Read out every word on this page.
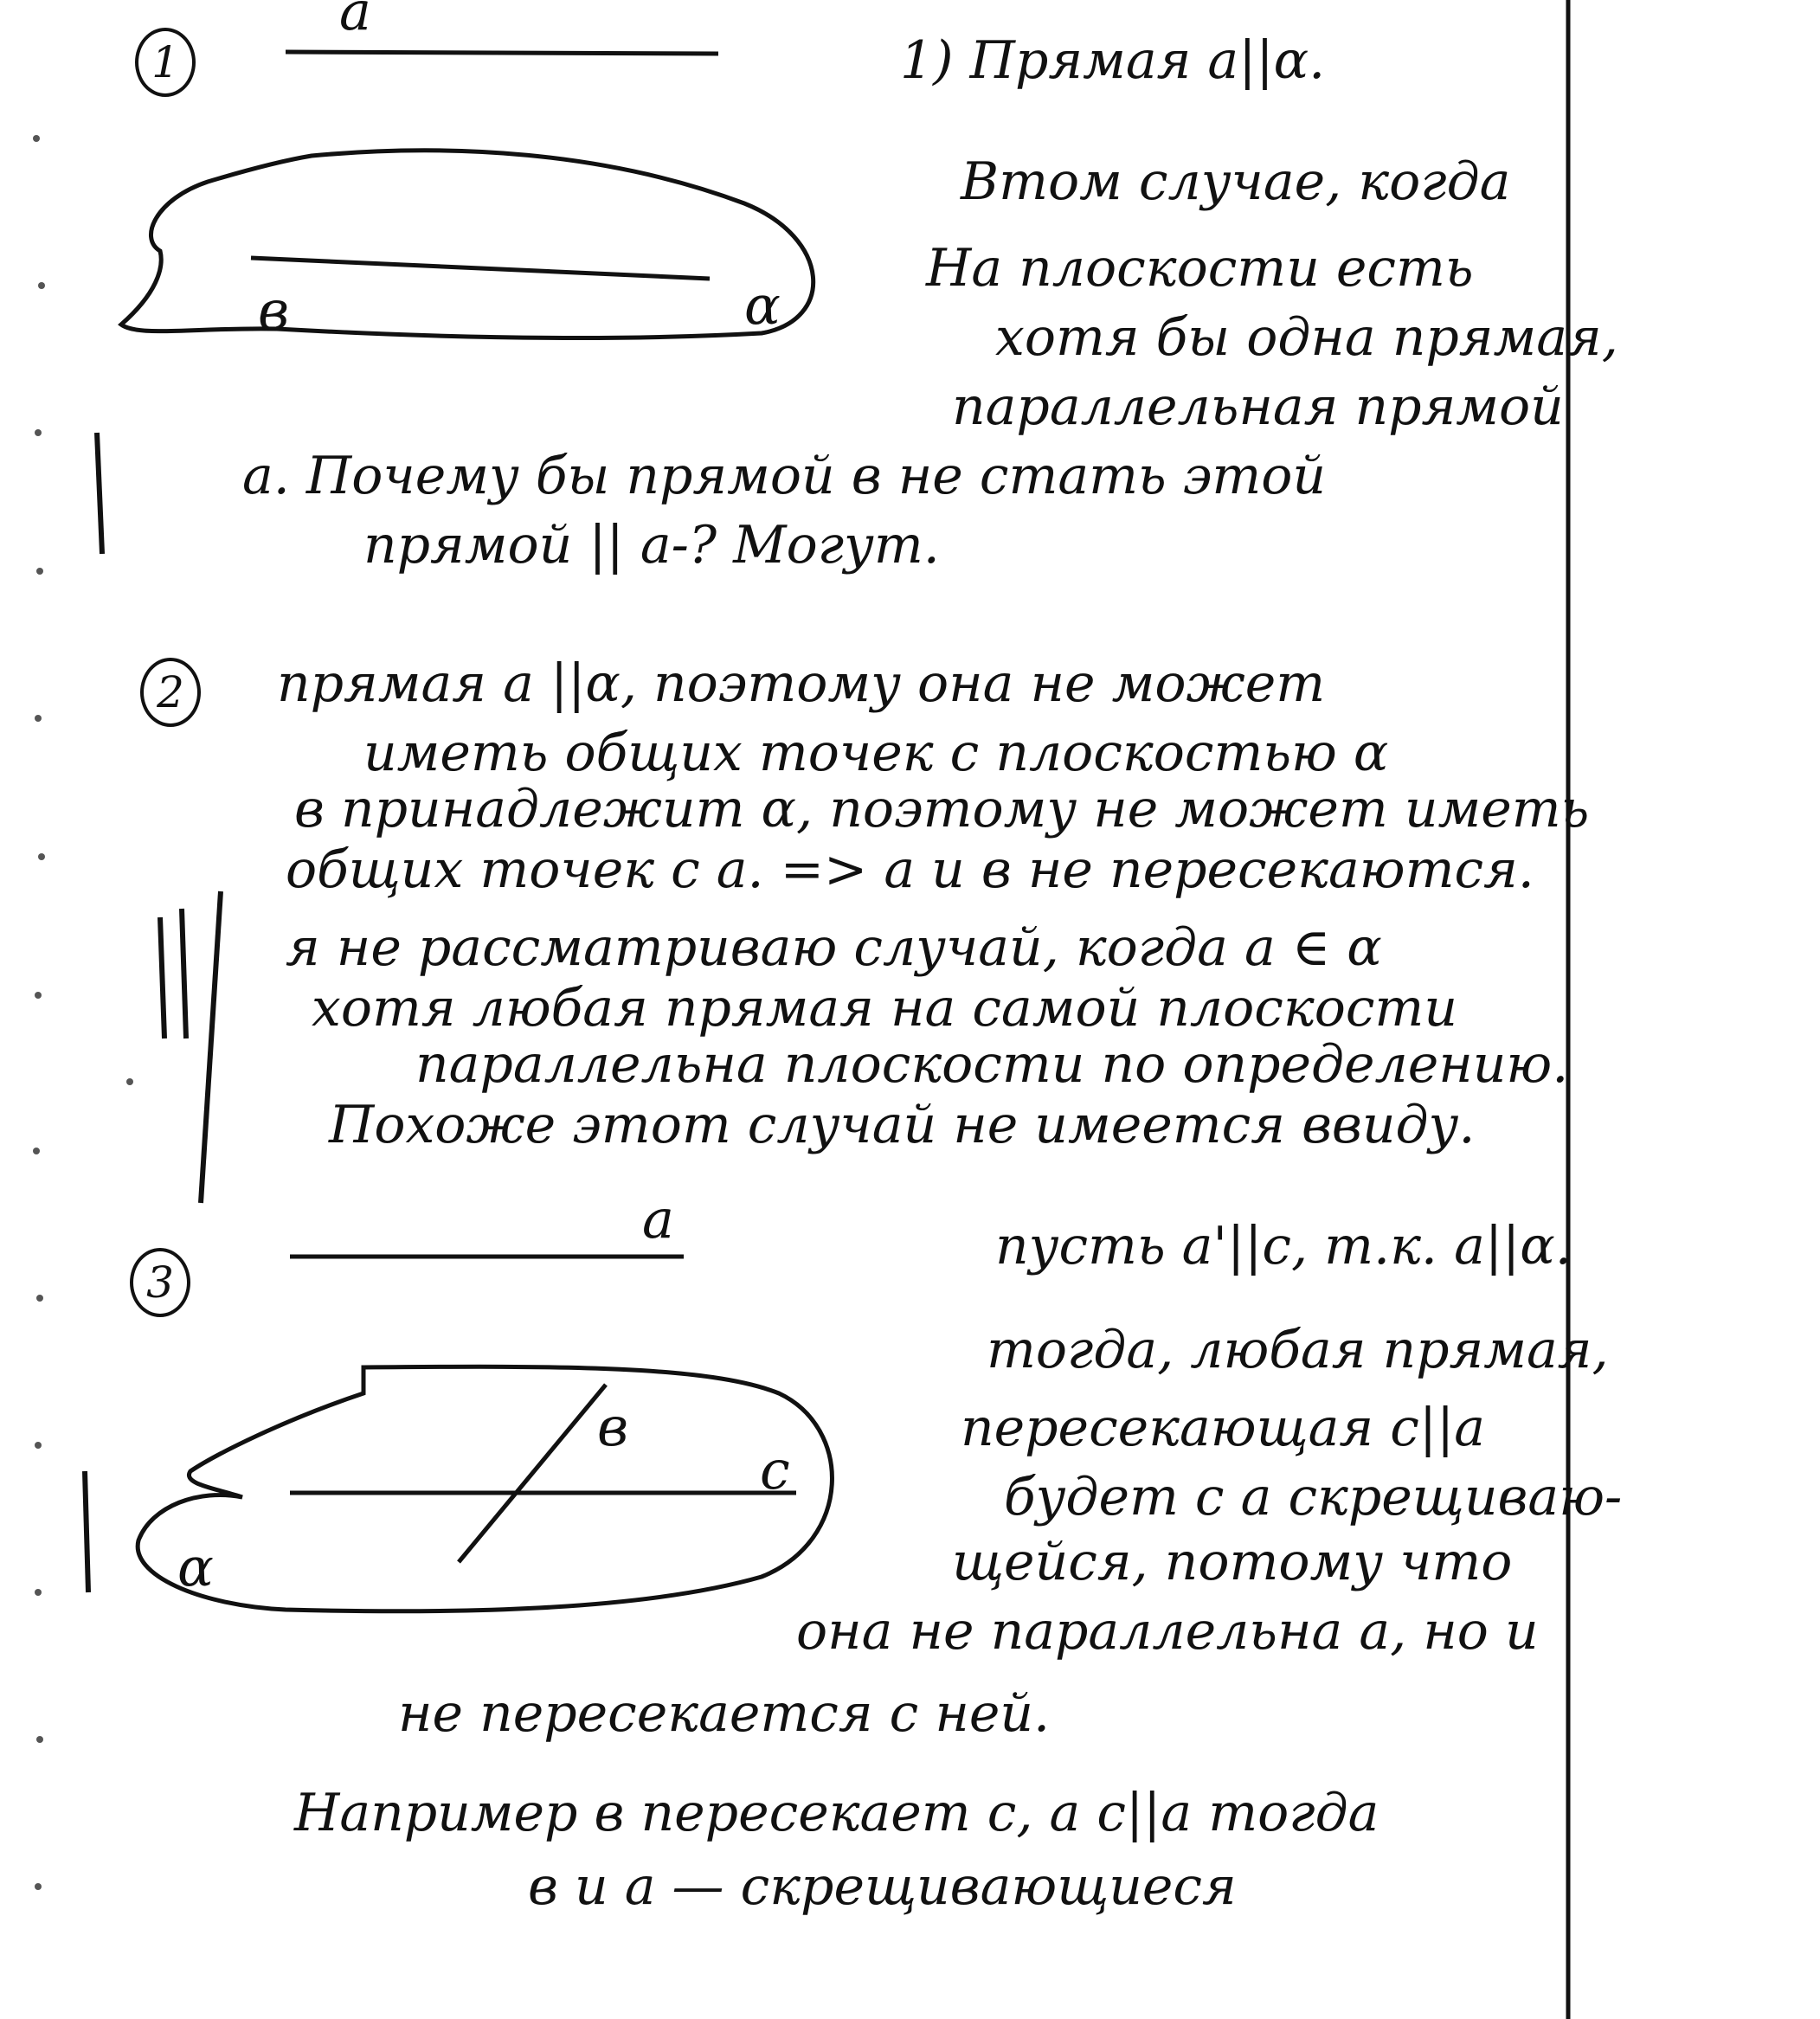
1
a
в	α
1) Прямая a||α.
Втом случае, когда
На плоскости есть
хотя бы одна прямая,
параллельная прямой
a. Почему бы прямой в не стать этой
прямой || a-? Могут.
2	прямая a ||α, поэтому она не может
иметь общих точек с плоскостью α
в принадлежит α, поэтому не может иметь
общих точек с a. => a и в не пересекаются.
я не рассматриваю случай, когда a ∈ α
хотя любая прямая на самой плоскости
параллельна плоскости по определению.
Похоже этот случай не имеется ввиду.
3
a
в
c
α
пусть a'||c, т.к. a||α.
тогда, любая прямая,
пересекающая c||a
будет с a скрещиваю-
щейся, потому что
она не параллельна a, но и
не пересекается с ней.
Например в пересекает c, а c||a тогда
в и a — скрещивающиеся
